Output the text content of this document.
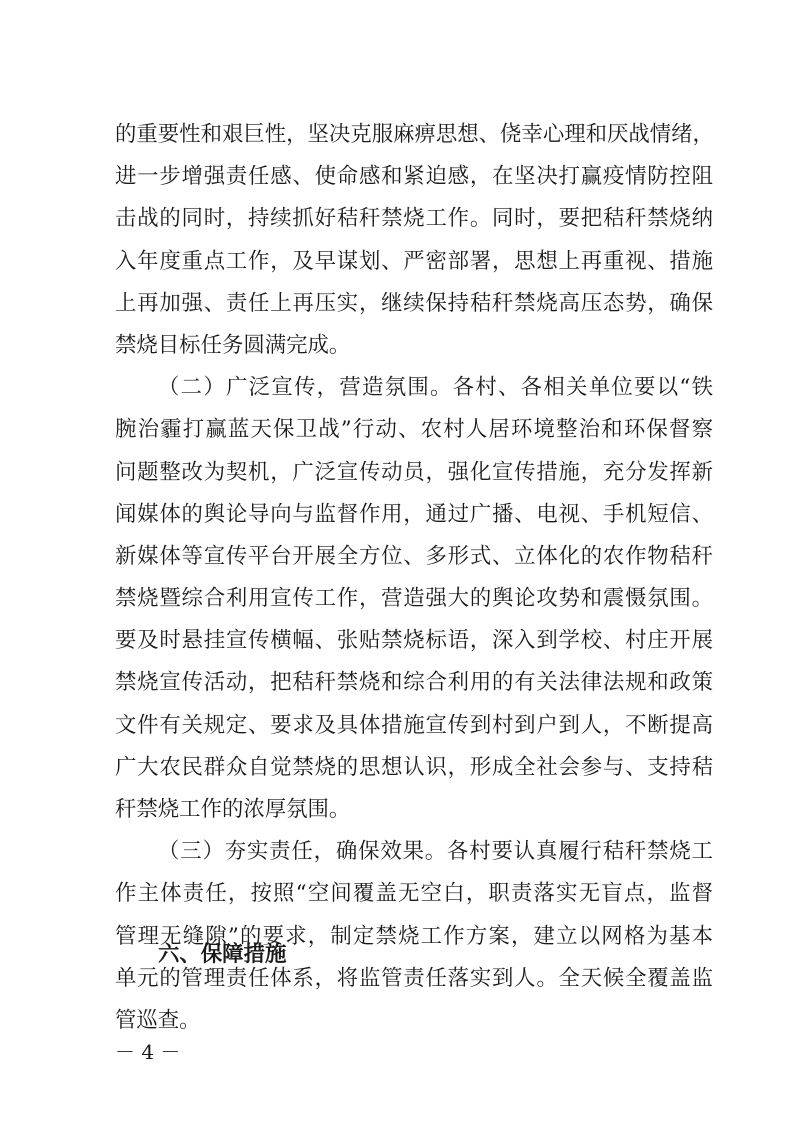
的重要性和艰巨性，坚决克服麻痹思想、侥幸心理和厌战情绪，
进一步增强责任感、使命感和紧迫感，在坚决打赢疫情防控阻
击战的同时，持续抓好秸秆禁烧工作。同时，要把秸秆禁烧纳
入年度重点工作，及早谋划、严密部署，思想上再重视、措施
上再加强、责任上再压实，继续保持秸秆禁烧高压态势，确保
禁烧目标任务圆满完成。
（二）广泛宣传，营造氛围。各村、各相关单位要以“铁
腕治霾打赢蓝天保卫战”行动、农村人居环境整治和环保督察
问题整改为契机，广泛宣传动员，强化宣传措施，充分发挥新
闻媒体的舆论导向与监督作用，通过广播、电视、手机短信、
新媒体等宣传平台开展全方位、多形式、立体化的农作物秸秆
禁烧暨综合利用宣传工作，营造强大的舆论攻势和震慑氛围。
要及时悬挂宣传横幅、张贴禁烧标语，深入到学校、村庄开展
禁烧宣传活动，把秸秆禁烧和综合利用的有关法律法规和政策
文件有关规定、要求及具体措施宣传到村到户到人，不断提高
广大农民群众自觉禁烧的思想认识，形成全社会参与、支持秸
秆禁烧工作的浓厚氛围。
（三）夯实责任，确保效果。各村要认真履行秸秆禁烧工
作主体责任，按照“空间覆盖无空白，职责落实无盲点，监督
管理无缝隙”的要求，制定禁烧工作方案，建立以网格为基本
单元的管理责任体系，将监管责任落实到人。全天候全覆盖监
管巡查。
六、保障措施
－ 4 －
